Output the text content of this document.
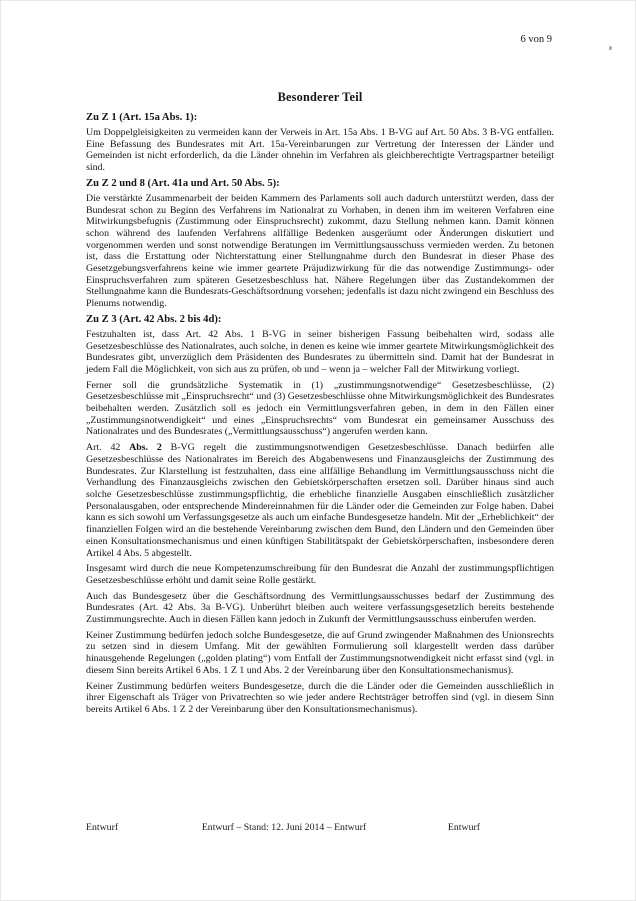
6 von 9
Besonderer Teil
Zu Z 1 (Art. 15a Abs. 1):

Um Doppelgleisigkeiten zu vermeiden kann der Verweis in Art. 15a Abs. 1 B-VG auf Art. 50 Abs. 3 B-VG entfallen. Eine Befassung des Bundesrates mit Art. 15a-Vereinbarungen zur Vertretung der Interessen der Länder und Gemeinden ist nicht erforderlich, da die Länder ohnehin im Verfahren als gleichberechtigte Vertragspartner beteiligt sind.

Zu Z 2 und 8 (Art. 41a und Art. 50 Abs. 5):

Die verstärkte Zusammenarbeit der beiden Kammern des Parlaments soll auch dadurch unterstützt werden, dass der Bundesrat schon zu Beginn des Verfahrens im Nationalrat zu Vorhaben, in denen ihm im weiteren Verfahren eine Mitwirkungsbefugnis (Zustimmung oder Einspruchsrecht) zukommt, dazu Stellung nehmen kann. Damit können schon während des laufenden Verfahrens allfällige Bedenken ausgeräumt oder Änderungen diskutiert und vorgenommen werden und sonst notwendige Beratungen im Vermittlungsausschuss vermieden werden. Zu betonen ist, dass die Erstattung oder Nichterstattung einer Stellungnahme durch den Bundesrat in dieser Phase des Gesetzgebungsverfahrens keine wie immer geartete Präjudizwirkung für die das notwendige Zustimmungs- oder Einspruchsverfahren zum späteren Gesetzesbeschluss hat. Nähere Regelungen über das Zustandekommen der Stellungnahme kann die Bundesrats-Geschäftsordnung vorsehen; jedenfalls ist dazu nicht zwingend ein Beschluss des Plenums notwendig.

Zu Z 3 (Art. 42 Abs. 2 bis 4d):

Festzuhalten ist, dass Art. 42 Abs. 1 B-VG in seiner bisherigen Fassung beibehalten wird, sodass alle Gesetzesbeschlüsse des Nationalrates, auch solche, in denen es keine wie immer geartete Mitwirkungsmöglichkeit des Bundesrates gibt, unverzüglich dem Präsidenten des Bundesrates zu übermitteln sind. Damit hat der Bundesrat in jedem Fall die Möglichkeit, von sich aus zu prüfen, ob und – wenn ja – welcher Fall der Mitwirkung vorliegt.

Ferner soll die grundsätzliche Systematik in (1) „zustimmungsnotwendige“ Gesetzesbeschlüsse, (2) Gesetzesbeschlüsse mit „Einspruchsrecht“ und (3) Gesetzesbeschlüsse ohne Mitwirkungsmöglichkeit des Bundesrates beibehalten werden. Zusätzlich soll es jedoch ein Vermittlungsverfahren geben, in dem in den Fällen einer „Zustimmungsnotwendigkeit“ und eines „Einspruchsrechts“ vom Bundesrat ein gemeinsamer Ausschuss des Nationalrates und des Bundesrates („Vermittlungsausschuss“) angerufen werden kann.

Art. 42 Abs. 2 B-VG regelt die zustimmungsnotwendigen Gesetzesbeschlüsse. Danach bedürfen alle Gesetzesbeschlüsse des Nationalrates im Bereich des Abgabenwesens und Finanzausgleichs der Zustimmung des Bundesrates. Zur Klarstellung ist festzuhalten, dass eine allfällige Behandlung im Vermittlungsausschuss nicht die Verhandlung des Finanzausgleichs zwischen den Gebietskörperschaften ersetzen soll. Darüber hinaus sind auch solche Gesetzesbeschlüsse zustimmungspflichtig, die erhebliche finanzielle Ausgaben einschließlich zusätzlicher Personalausgaben, oder entsprechende Mindereinnahmen für die Länder oder die Gemeinden zur Folge haben. Dabei kann es sich sowohl um Verfassungsgesetze als auch um einfache Bundesgesetze handeln. Mit der „Erheblichkeit“ der finanziellen Folgen wird an die bestehende Vereinbarung zwischen dem Bund, den Ländern und den Gemeinden über einen Konsultationsmechanismus und einen künftigen Stabilitätspakt der Gebietskörperschaften, insbesondere deren Artikel 4 Abs. 5 abgestellt.

Insgesamt wird durch die neue Kompetenzumschreibung für den Bundesrat die Anzahl der zustimmungspflichtigen Gesetzesbeschlüsse erhöht und damit seine Rolle gestärkt.

Auch das Bundesgesetz über die Geschäftsordnung des Vermittlungsausschusses bedarf der Zustimmung des Bundesrates (Art. 42 Abs. 3a B-VG). Unberührt bleiben auch weitere verfassungsgesetzlich bereits bestehende Zustimmungsrechte. Auch in diesen Fällen kann jedoch in Zukunft der Vermittlungsausschuss einberufen werden.

Keiner Zustimmung bedürfen jedoch solche Bundesgesetze, die auf Grund zwingender Maßnahmen des Unionsrechts zu setzen sind in diesem Umfang. Mit der gewählten Formulierung soll klargestellt werden dass darüber hinausgehende Regelungen („golden plating“) vom Entfall der Zustimmungsnotwendigkeit nicht erfasst sind (vgl. in diesem Sinn bereits Artikel 6 Abs. 1 Z 1 und Abs. 2 der Vereinbarung über den Konsultationsmechanismus).

Keiner Zustimmung bedürfen weiters Bundesgesetze, durch die die Länder oder die Gemeinden ausschließlich in ihrer Eigenschaft als Träger von Privatrechten so wie jeder andere Rechtsträger betroffen sind (vgl. in diesem Sinn bereits Artikel 6 Abs. 1 Z 2 der Vereinbarung über den Konsultationsmechanismus).

Entwurf	Entwurf – Stand: 12. Juni 2014 – Entwurf	Entwurf
